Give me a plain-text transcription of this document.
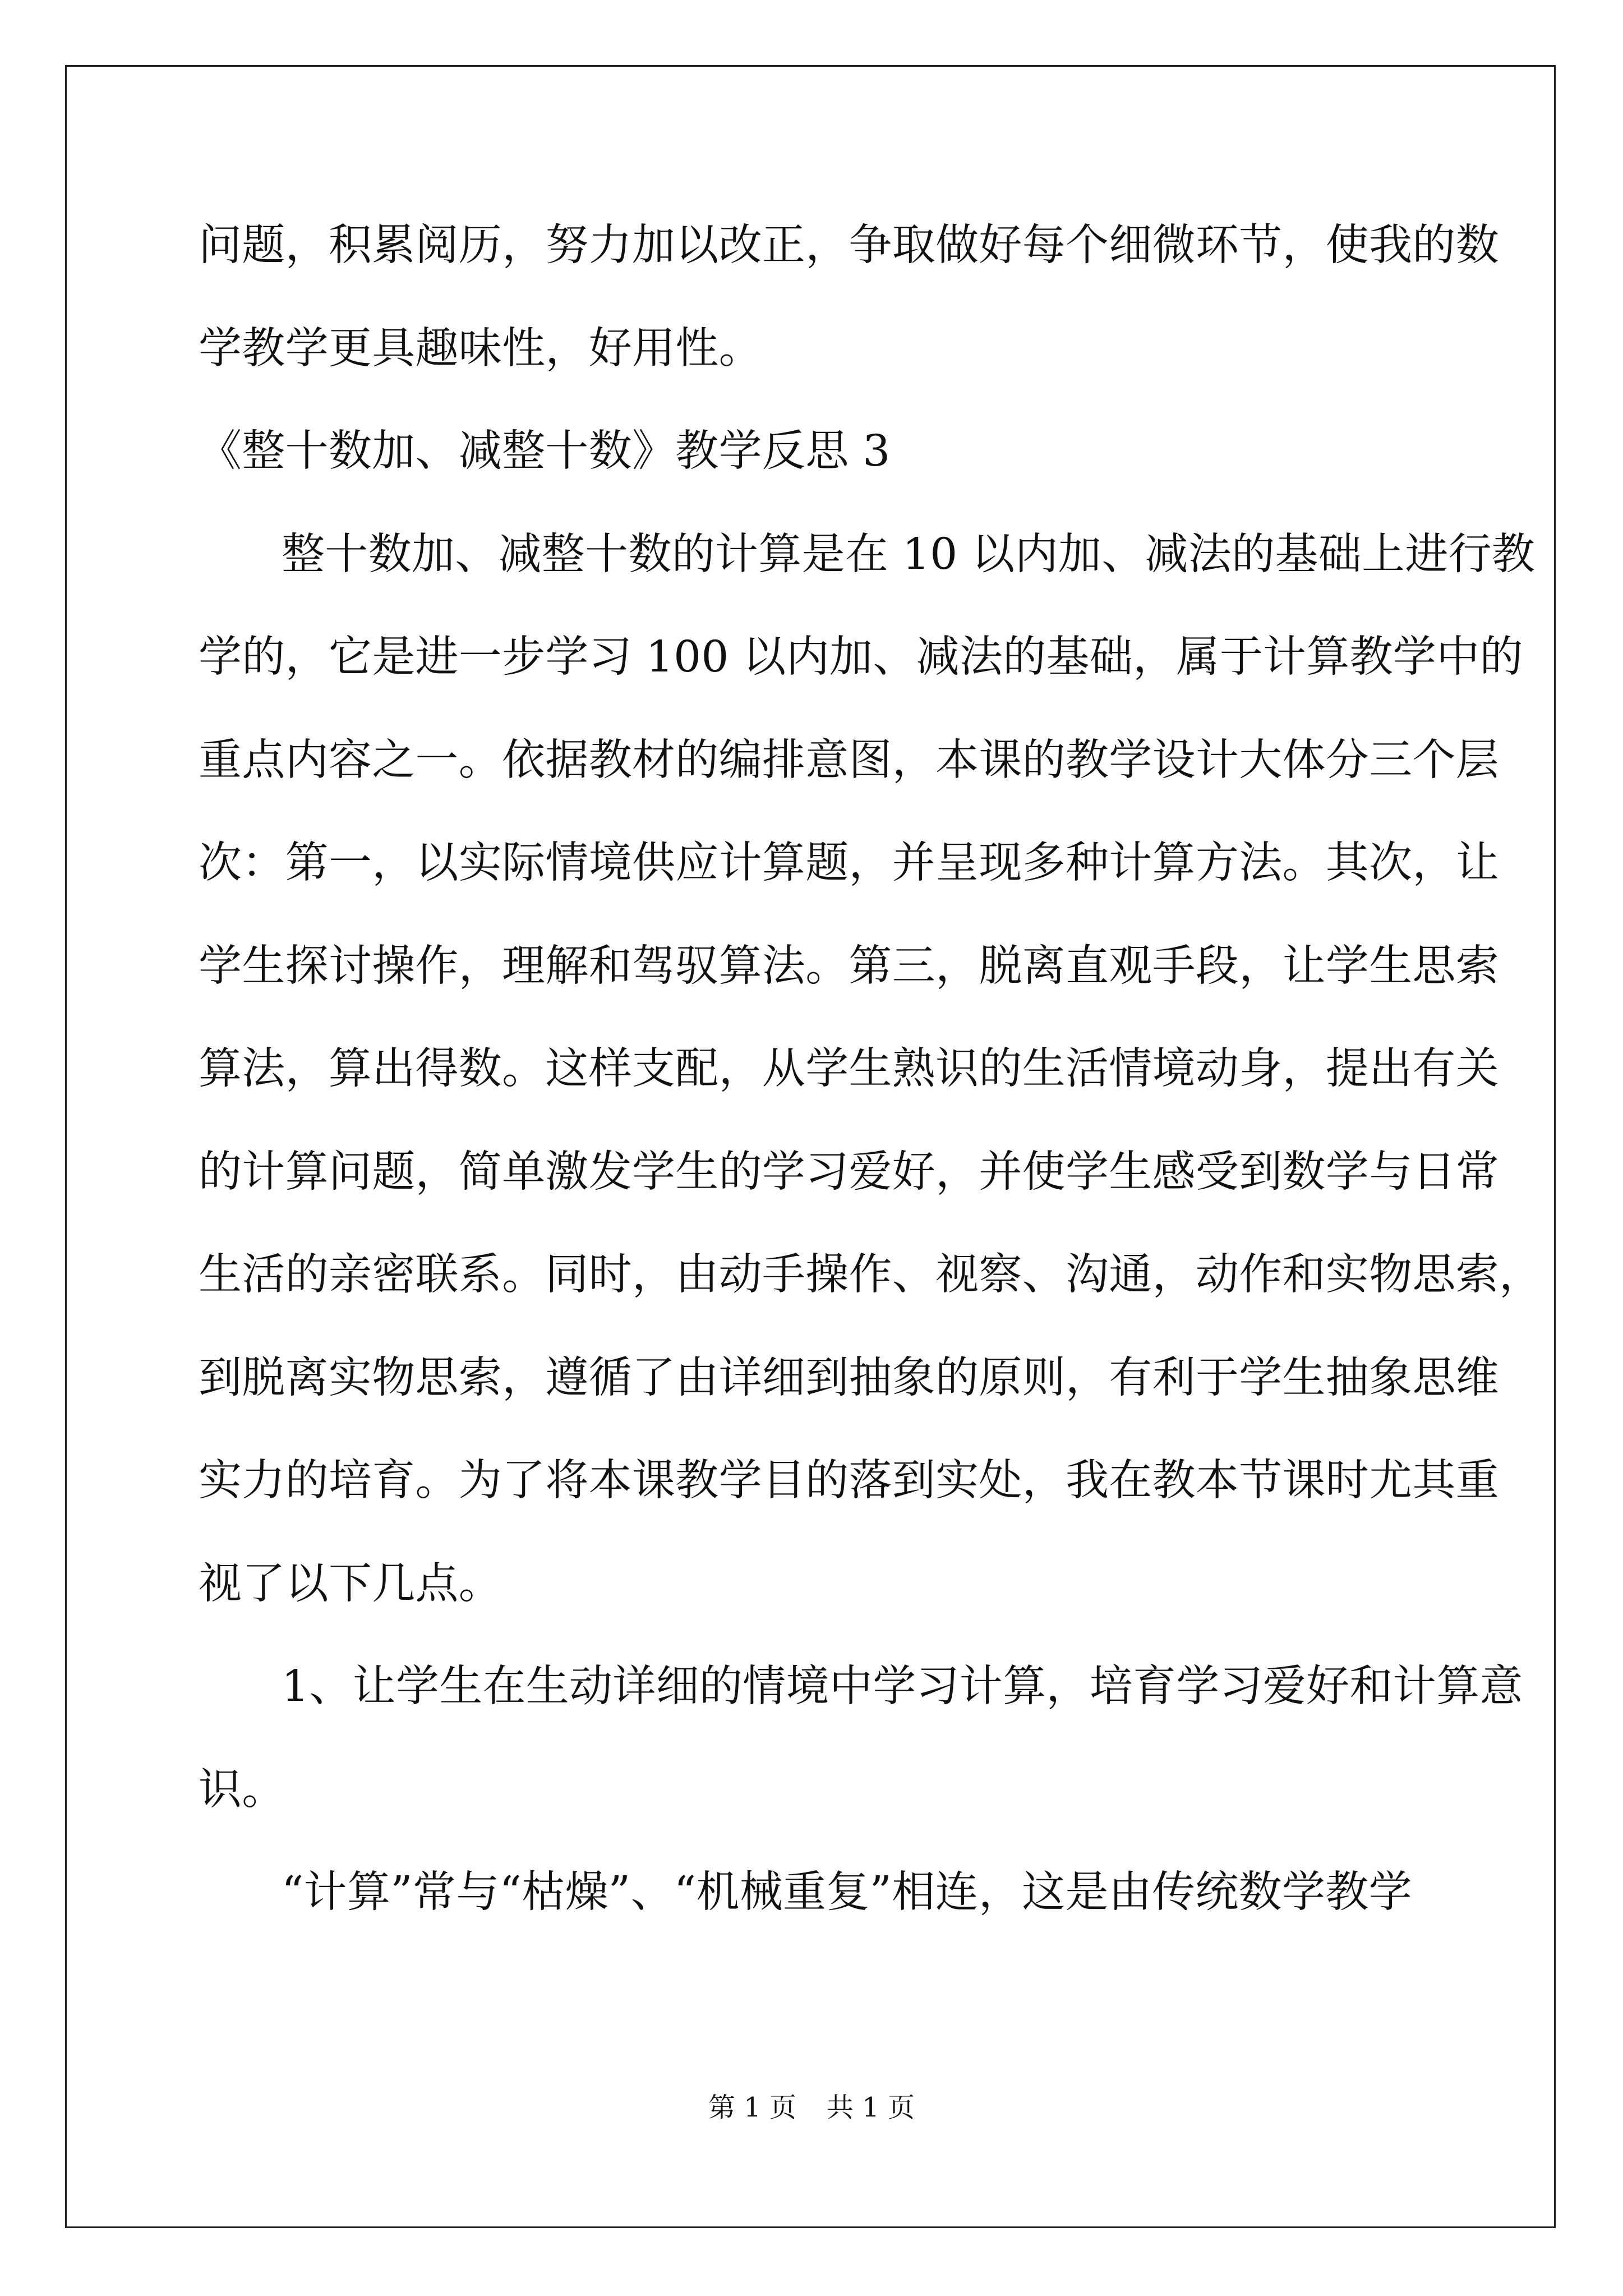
问题，积累阅历，努力加以改正，争取做好每个细微环节，使我的数
学教学更具趣味性，好用性。
《整十数加、减整十数》教学反思 3
整十数加、减整十数的计算是在 10 以内加、减法的基础上进行教
学的，它是进一步学习 100 以内加、减法的基础，属于计算教学中的
重点内容之一。依据教材的编排意图，本课的教学设计大体分三个层
次：第一，以实际情境供应计算题，并呈现多种计算方法。其次，让
学生探讨操作，理解和驾驭算法。第三，脱离直观手段，让学生思索
算法，算出得数。这样支配，从学生熟识的生活情境动身，提出有关
的计算问题，简单激发学生的学习爱好，并使学生感受到数学与日常
生活的亲密联系。同时，由动手操作、视察、沟通，动作和实物思索，
到脱离实物思索，遵循了由详细到抽象的原则，有利于学生抽象思维
实力的培育。为了将本课教学目的落到实处，我在教本节课时尤其重
视了以下几点。
1、让学生在生动详细的情境中学习计算，培育学习爱好和计算意
识。
“计算”常与“枯燥”、“机械重复”相连，这是由传统数学教学
第 1 页 共 1 页
